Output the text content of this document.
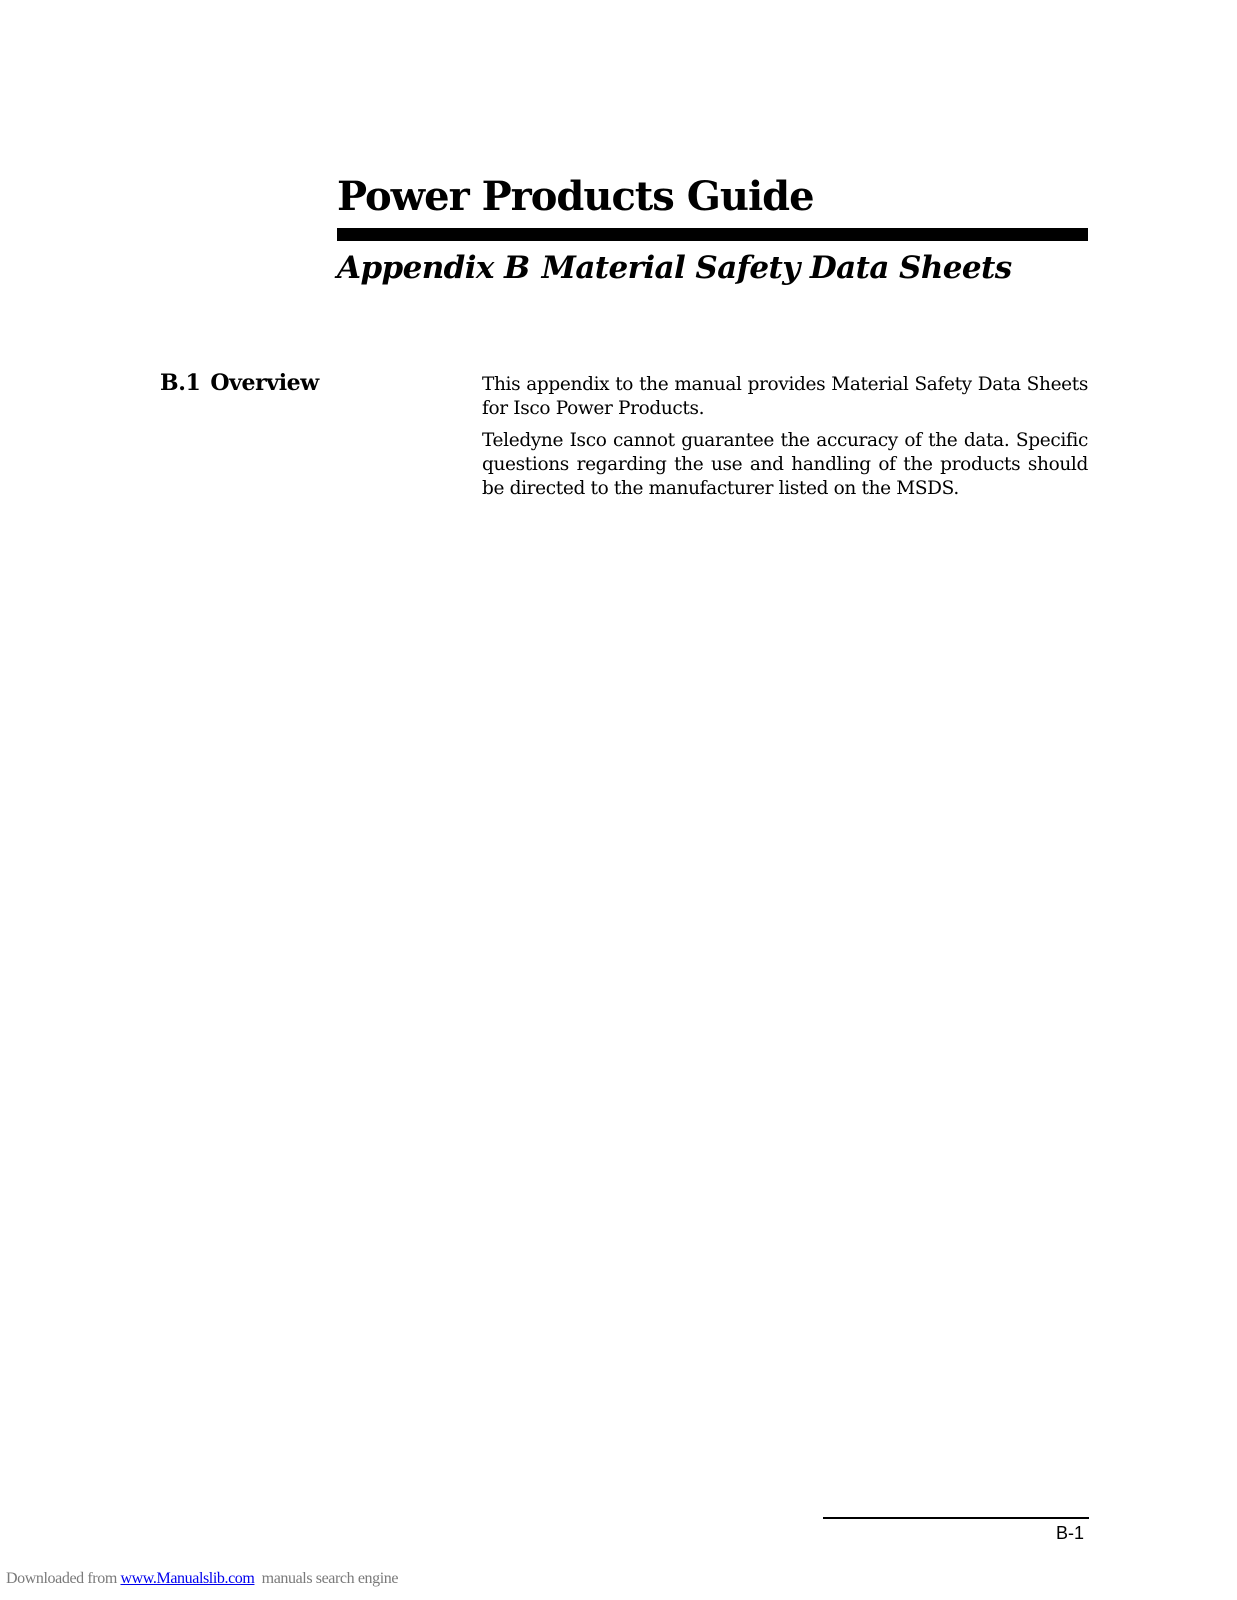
Power Products Guide
Appendix B Material Safety Data Sheets
B.1 Overview	This appendix to the manual provides Material Safety Data Sheets for Isco Power Products.

Teledyne Isco cannot guarantee the accuracy of the data. Specific questions regarding the use and handling of the products should be directed to the manufacturer listed on the MSDS.

B-1
Downloaded from www.Manualslib.com manuals search engine
